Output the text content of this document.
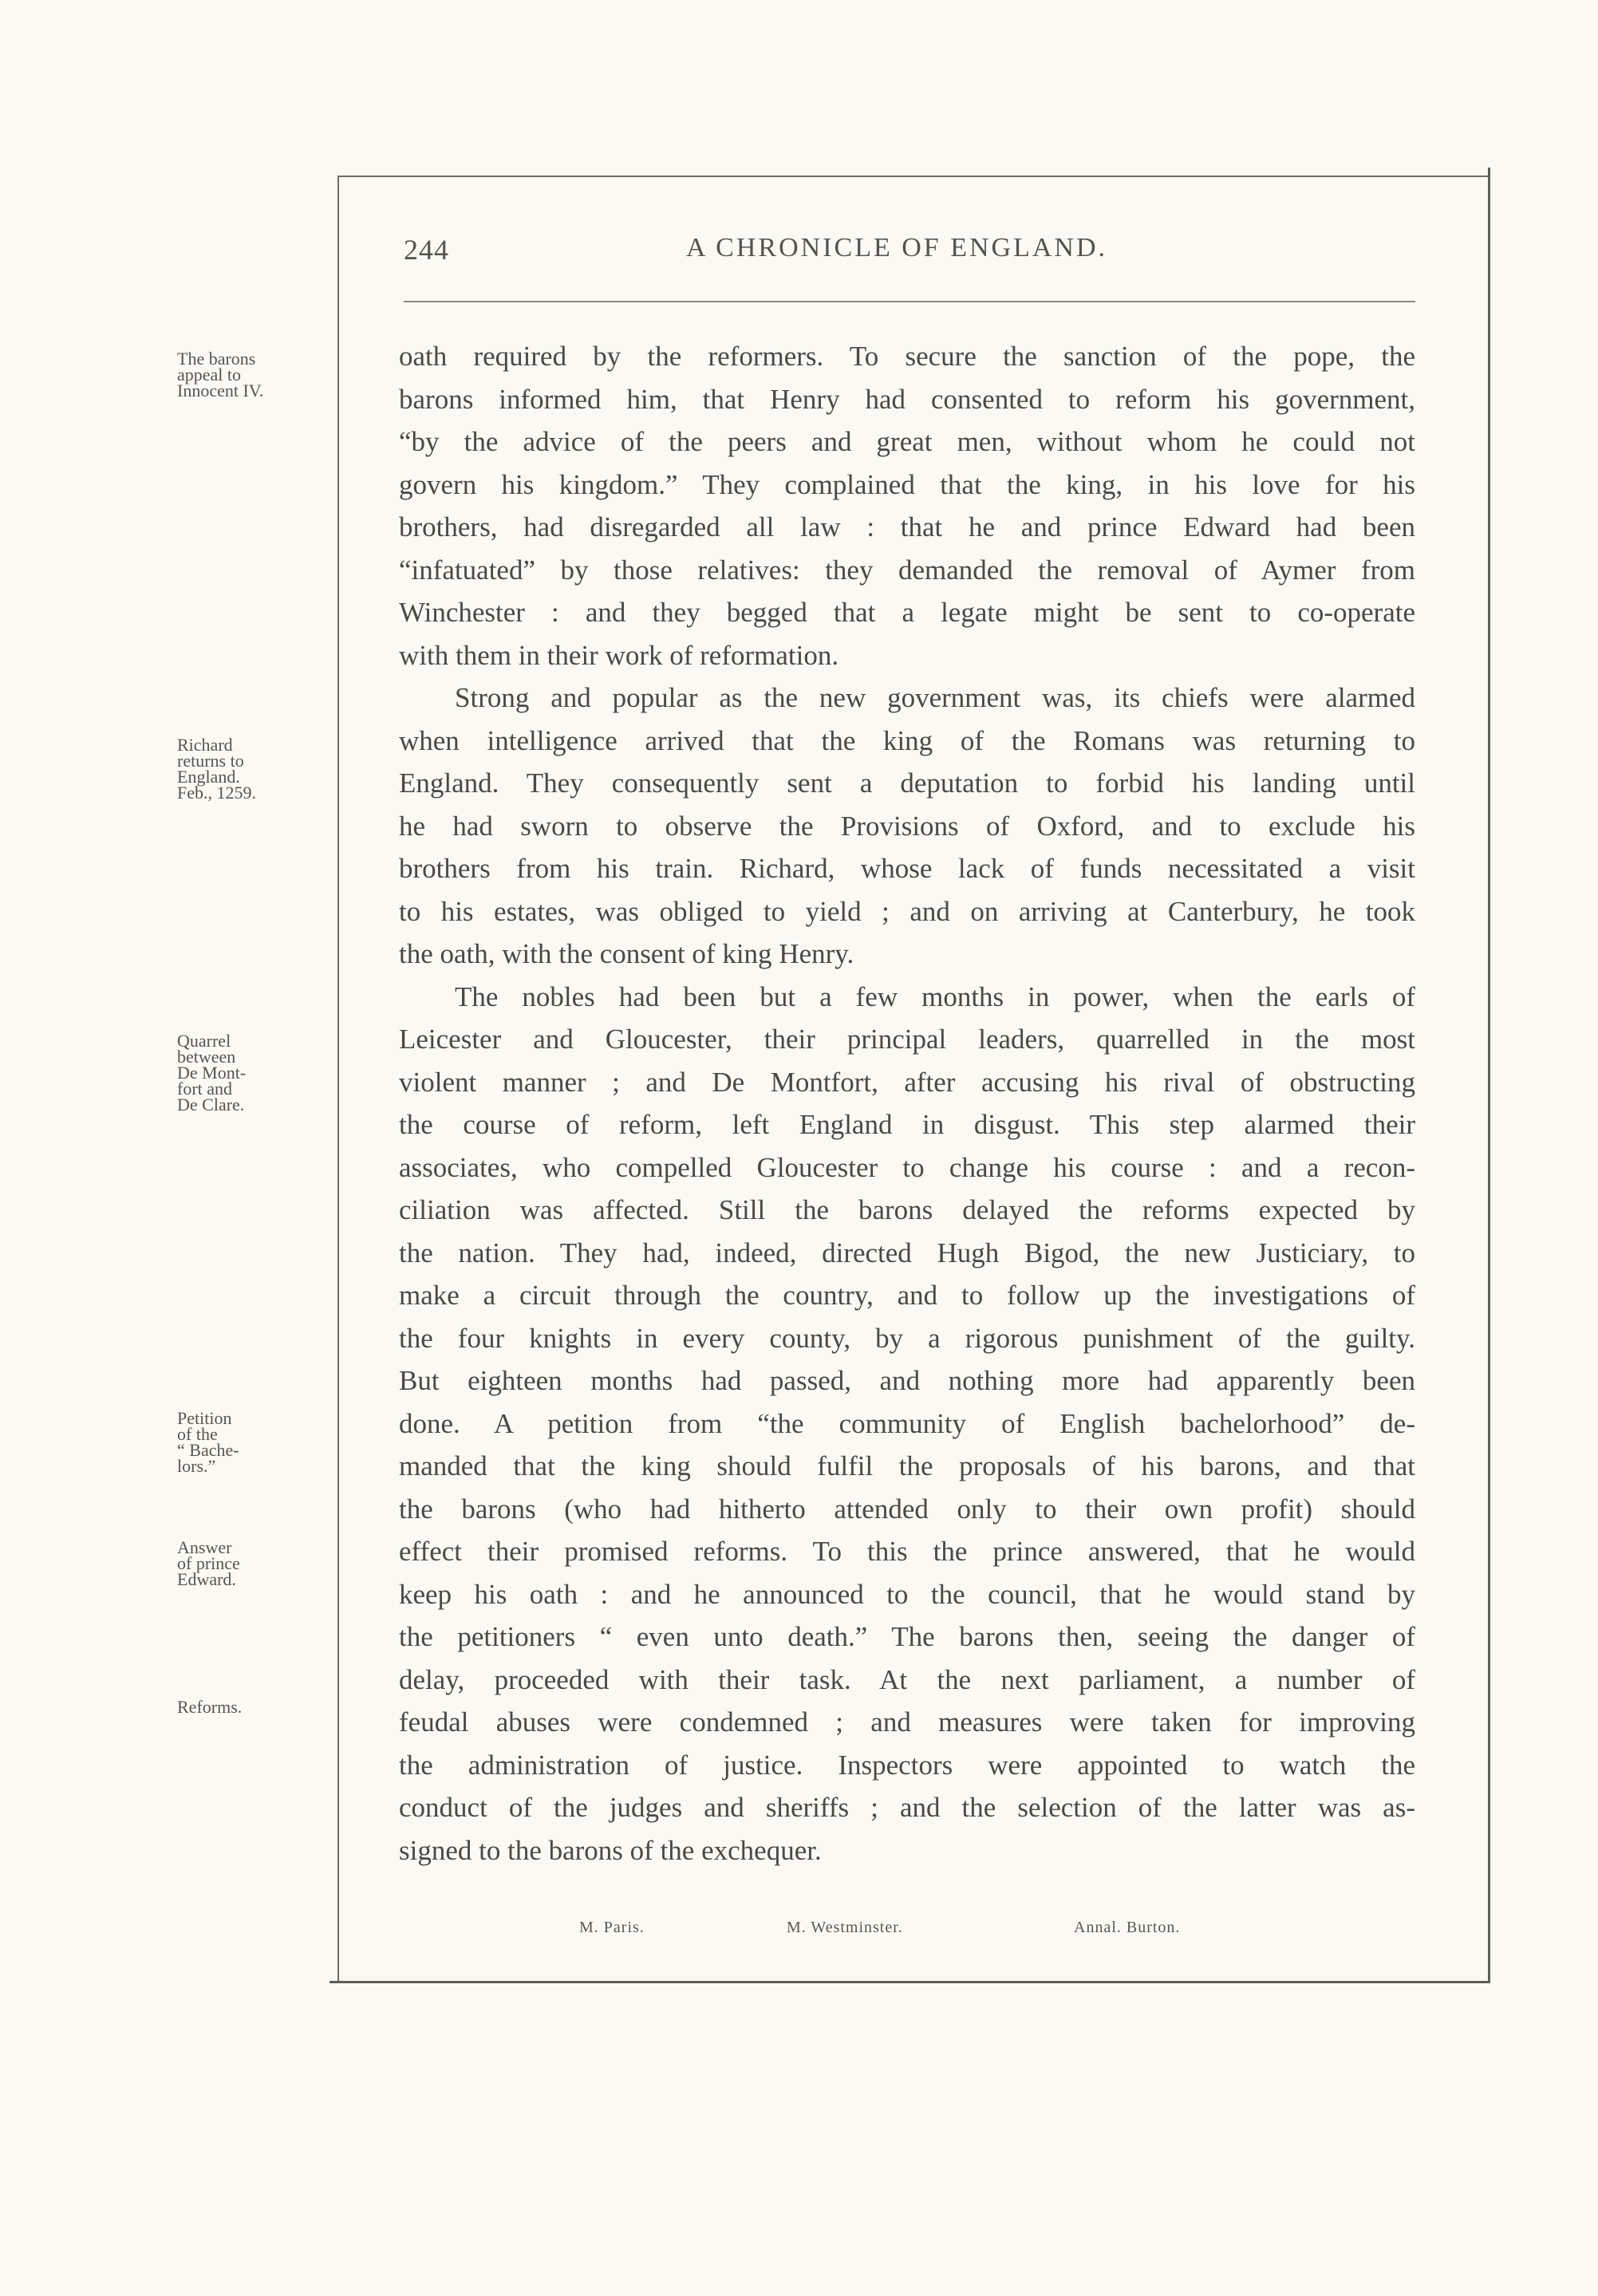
244	A CHRONICLE OF ENGLAND.
The barons
appeal to
Innocent IV.
Richard
returns to
England.
Feb., 1259.
Quarrel
between
De Mont-
fort and
De Clare.
Petition
of the
“ Bache-
lors.”
Answer
of prince
Edward.
Reforms.
oath required by the reformers. To secure the sanction of the pope, the
barons informed him, that Henry had consented to reform his government,
“by the advice of the peers and great men, without whom he could not
govern his kingdom.” They complained that the king, in his love for his
brothers, had disregarded all law : that he and prince Edward had been
“infatuated” by those relatives: they demanded the removal of Aymer from
Winchester : and they begged that a legate might be sent to co-operate
with them in their work of reformation.
Strong and popular as the new government was, its chiefs were alarmed
when intelligence arrived that the king of the Romans was returning to
England. They consequently sent a deputation to forbid his landing until
he had sworn to observe the Provisions of Oxford, and to exclude his
brothers from his train. Richard, whose lack of funds necessitated a visit
to his estates, was obliged to yield ; and on arriving at Canterbury, he took
the oath, with the consent of king Henry.
The nobles had been but a few months in power, when the earls of
Leicester and Gloucester, their principal leaders, quarrelled in the most
violent manner ; and De Montfort, after accusing his rival of obstructing
the course of reform, left England in disgust. This step alarmed their
associates, who compelled Gloucester to change his course : and a recon-
ciliation was affected. Still the barons delayed the reforms expected by
the nation. They had, indeed, directed Hugh Bigod, the new Justiciary, to
make a circuit through the country, and to follow up the investigations of
the four knights in every county, by a rigorous punishment of the guilty.
But eighteen months had passed, and nothing more had apparently been
done. A petition from “the community of English bachelorhood” de-
manded that the king should fulfil the proposals of his barons, and that
the barons (who had hitherto attended only to their own profit) should
effect their promised reforms. To this the prince answered, that he would
keep his oath : and he announced to the council, that he would stand by
the petitioners “ even unto death.” The barons then, seeing the danger of
delay, proceeded with their task. At the next parliament, a number of
feudal abuses were condemned ; and measures were taken for improving
the administration of justice. Inspectors were appointed to watch the
conduct of the judges and sheriffs ; and the selection of the latter was as-
signed to the barons of the exchequer.
M. Paris.	M. Westminster.	Annal. Burton.
